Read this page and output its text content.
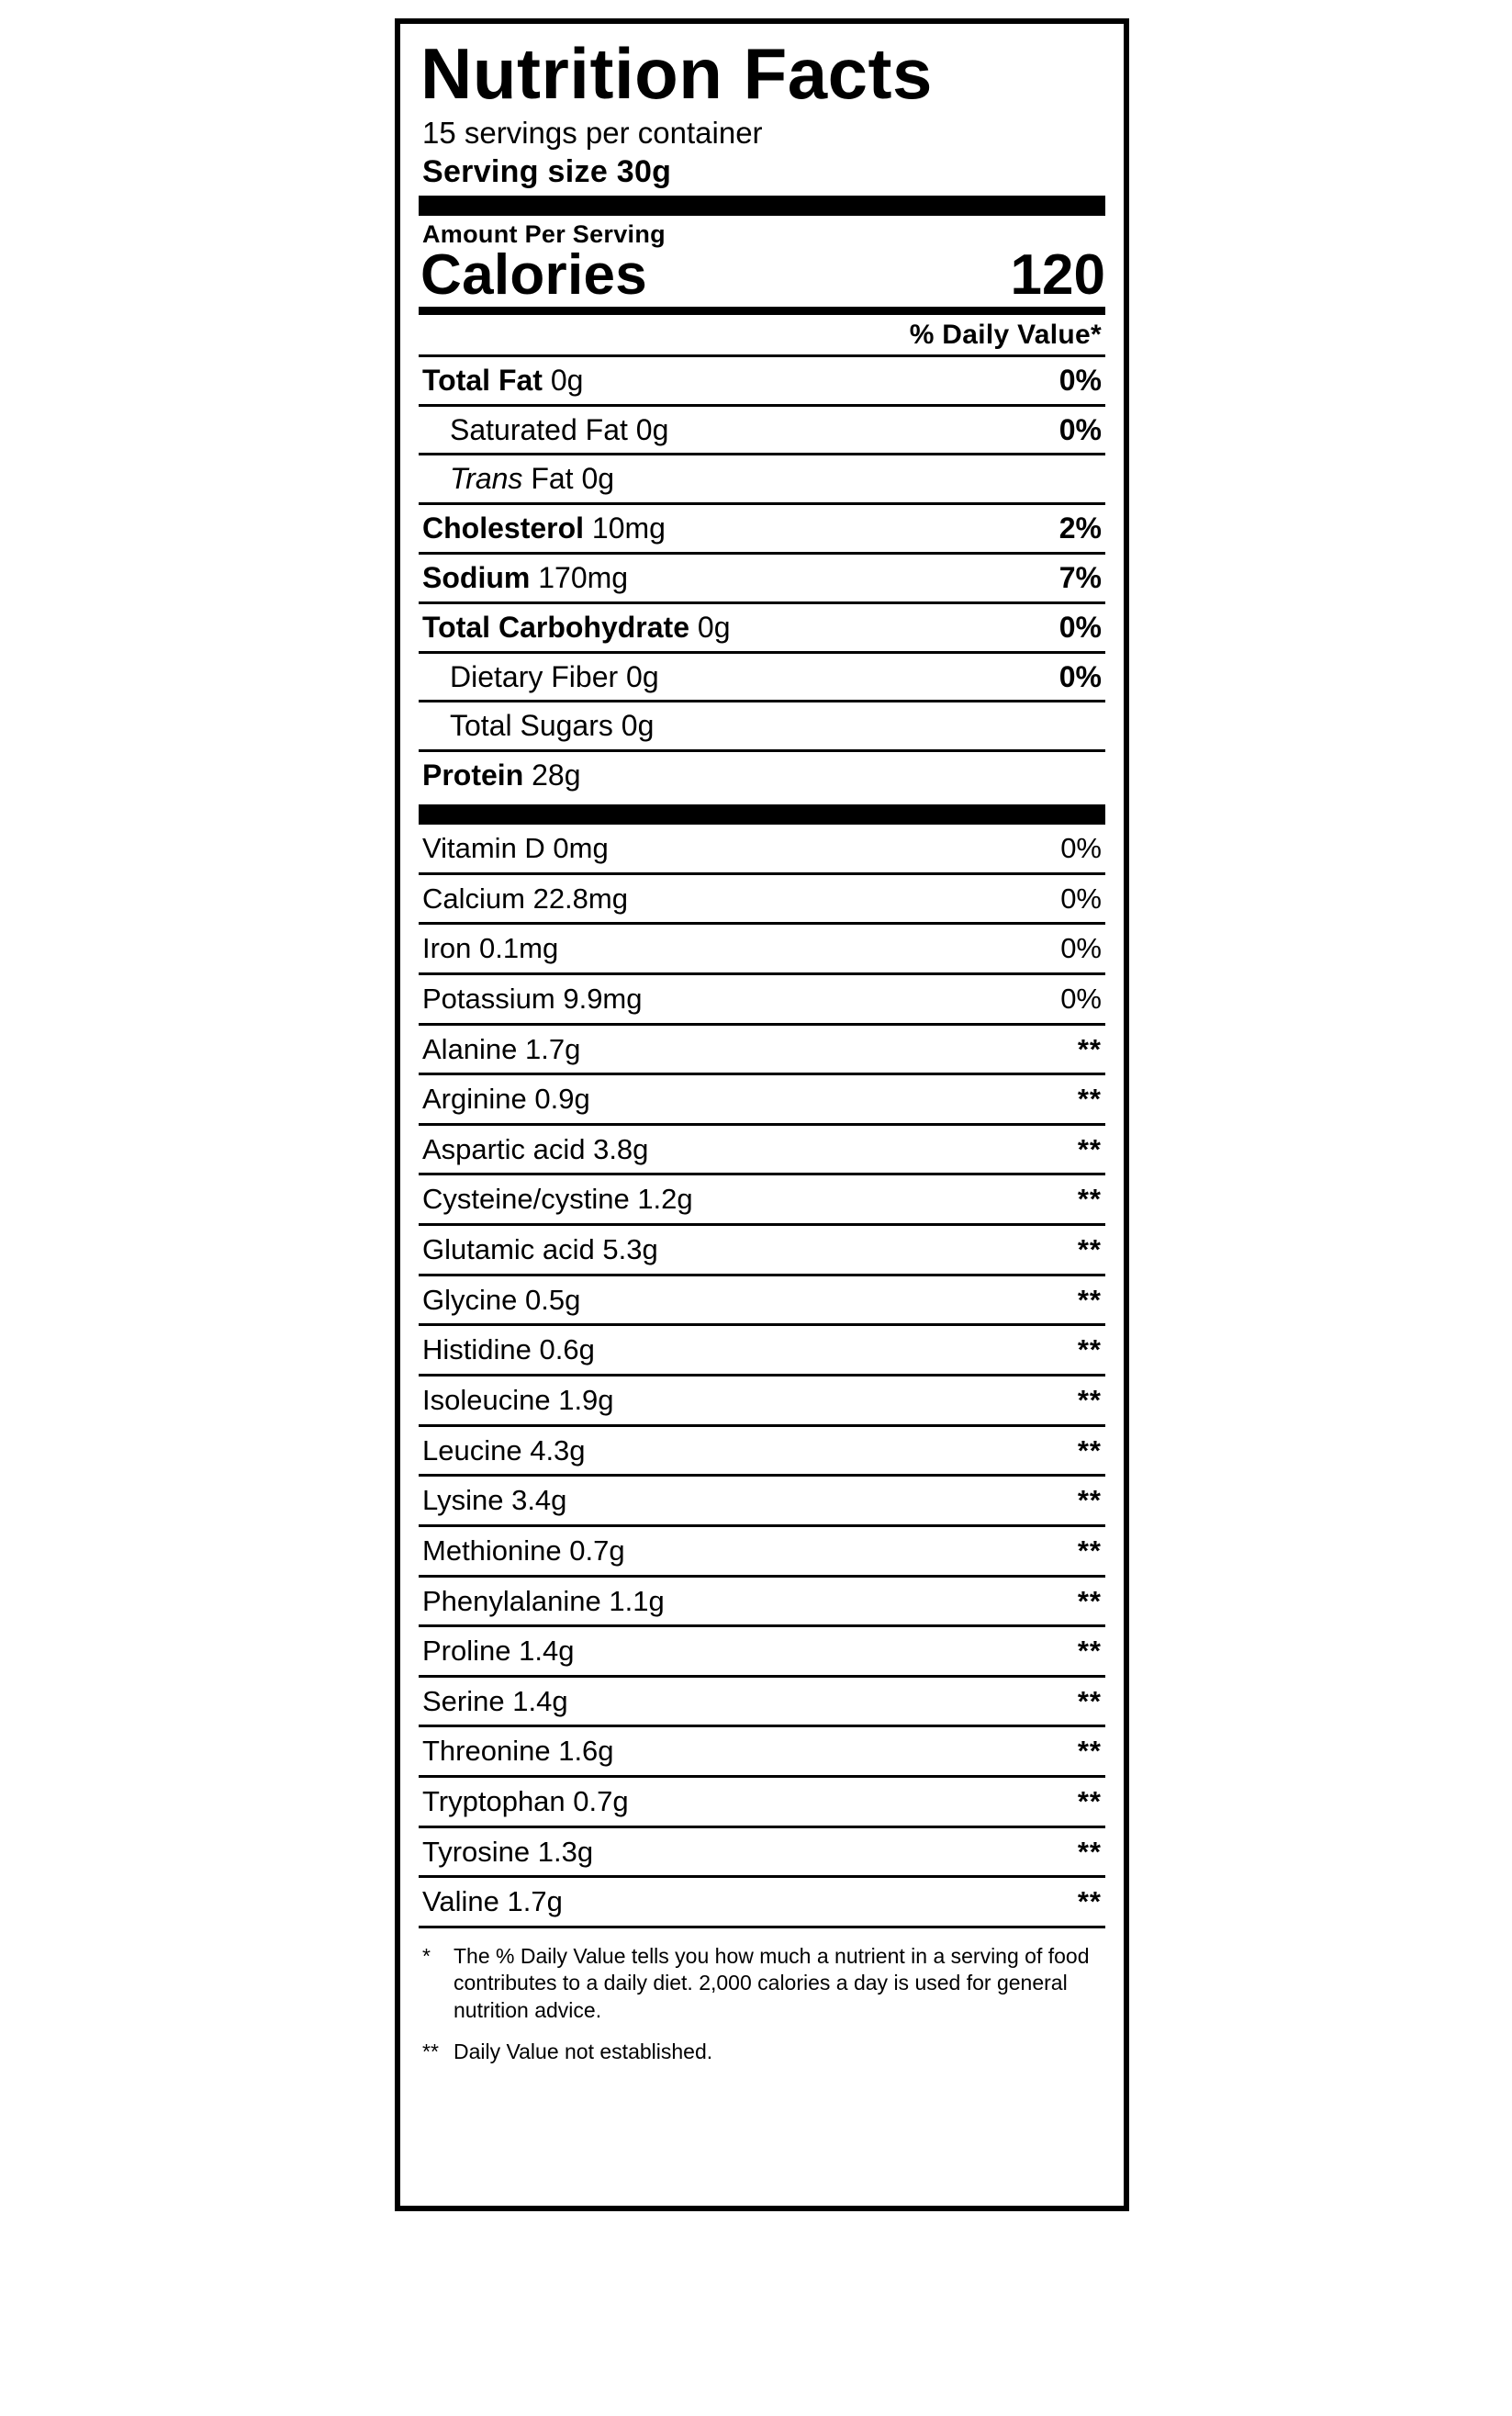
Nutrition Facts
15 servings per container
Serving size 30g
Amount Per Serving
Calories	120
% Daily Value*
Total Fat 0g	0%
Saturated Fat 0g	0%
Trans Fat 0g
Cholesterol 10mg	2%
Sodium 170mg	7%
Total Carbohydrate 0g	0%
Dietary Fiber 0g	0%
Total Sugars 0g
Protein 28g
Vitamin D 0mg	0%
Calcium 22.8mg	0%
Iron 0.1mg	0%
Potassium 9.9mg	0%
Alanine 1.7g	**
Arginine 0.9g	**
Aspartic acid 3.8g	**
Cysteine/cystine 1.2g	**
Glutamic acid 5.3g	**
Glycine 0.5g	**
Histidine 0.6g	**
Isoleucine 1.9g	**
Leucine 4.3g	**
Lysine 3.4g	**
Methionine 0.7g	**
Phenylalanine 1.1g	**
Proline 1.4g	**
Serine 1.4g	**
Threonine 1.6g	**
Tryptophan 0.7g	**
Tyrosine 1.3g	**
Valine 1.7g	**
*	The % Daily Value tells you how much a nutrient in a serving of food contributes to a daily diet. 2,000 calories a day is used for general nutrition advice.
** Daily Value not established.
